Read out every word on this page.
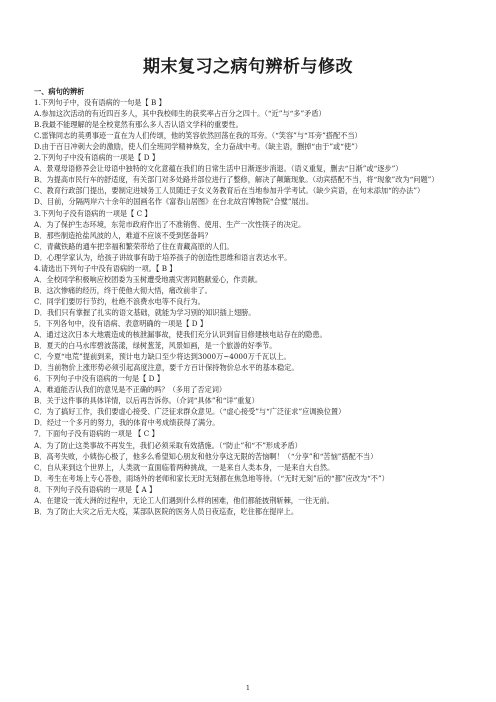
期末复习之病句辨析与修改

一、病句的辨析

1.下列句子中，没有语病的一句是【 B 】

A.参加这次活动的有近四百多人，其中我校师生的获奖率占百分之四十。（“近”与“多”矛盾）

B.我最不能理解的是全校竟然有那么多人否认语文学科的重要性。

C.雷锋同志的英勇事迹一直在为人们传颂，他的笑容依然回荡在我的耳旁。（“笑容”与“耳旁”搭配不当）

D.由于百日冲刺大会的激励，使人们全班同学精神焕发，全力奋战中考。（缺主语，删掉“由于”或“使”）

2.下列句子中没有语病的一项是【 D 】

A．景观母语修养会让母语中独特的文化意蕴在我们的日常生活中日渐逐步消退。（语义重复，删去“日渐”或“逐步”）

B、为提高市民行车的舒适度，有关部门对多处路并部位进行了整修，解决了颠簸现象。（动宾搭配不当，将“现象”改为“问题”）

C、教育行政部门提出，要制定进城务工人员随迁子女义务教育后在当地参加升学考试。（缺少宾语，在句末添加“的办法”）

D、目前，分隔两岸六十余年的国画名作《富春山居图》在台北故宫博物院“合璧”展出。

3.下列句子没有语病的一项是【 C 】

A．为了保护生态环境，东莞市政府作出了不准销售、使用、生产一次性筷子的决定。

B．那些制造抢盐风波的人，难道不应该不受到惩备吗？

C．青藏铁路的通车把幸福和繁荣带给了住在青藏高原的人们。

D．心理学家认为，给孩子讲故事有助于培养孩子的创造性思维和语言表达水平。

4.请选出下列句子中没有语病的一项。【 B 】

A．全校同学积极响应校团委为玉树遭受地震灾害同胞献爱心，作贡献。

B．这次惨痛的经历，终于使他大彻大悟，痛改前非了。

C．同学们要厉行节约，杜绝不浪费水电等不良行为。

D．我们只有掌握了扎实的语文基础，就能为学习别的知识插上翅膀。

5．下列各句中，没有语病、表意明确的一项是【 D 】

A．通过这次日本大地震造成的核泄漏事故，使我们充分认识到盲目修建核电站存在的隐患。

B．夏天的白马水库碧波荡漾，绿树葱茏，风景如画，是一个旅游的好季节。

C．今夏“电荒”提前到来，预计电力缺口至少将达到3000万~4000万千瓦以上。

D．当前物价上涨形势必须引起高度注意，要千方百计保持物价总水平的基本稳定。

6．下列句子中没有语病的一句是【 D 】

A．难道能否认我们的意见是不正确的吗？（多用了否定词）

B．关于这件事的具体详情，以后再告诉你。（介词“具体”和“详”重复）

C．为了搞好工作，我们要虚心接受、广泛征求群众意见。（“虚心接受”与“广泛征求”应调换位置）

D．经过一个多月的努力，我的体育中考成绩获得了满分。

7．下面句子没有语病的一项是 【 C 】

A．为了防止这类事故不再发生，我们必须采取有效措施。（“防止”和“不”形成矛盾）

B．高考失败，小姨伤心极了，他多么希望知心朋友和他分享这无限的苦恼啊！（“分享”和“苦恼”搭配不当）

C．自从来到这个世界上，人类就一直面临着两种挑战，一是来自人类本身，一是来自大自然。

D．考生在考场上专心答卷，雨场外的老师和家长无时无刻都在焦急地等待。（“无时无刻”后的“都”应改为“不”）

8．下列句子没有语病的一项是【 A 】

A．在建设一流大洲的过程中，无论工人们遇到什么样的困难，他们都能披荆斩棘，一往无前。

B．为了防止大灾之后无大疫，某部队医院的医务人员日夜巡查，吃住都在提岸上。

1
